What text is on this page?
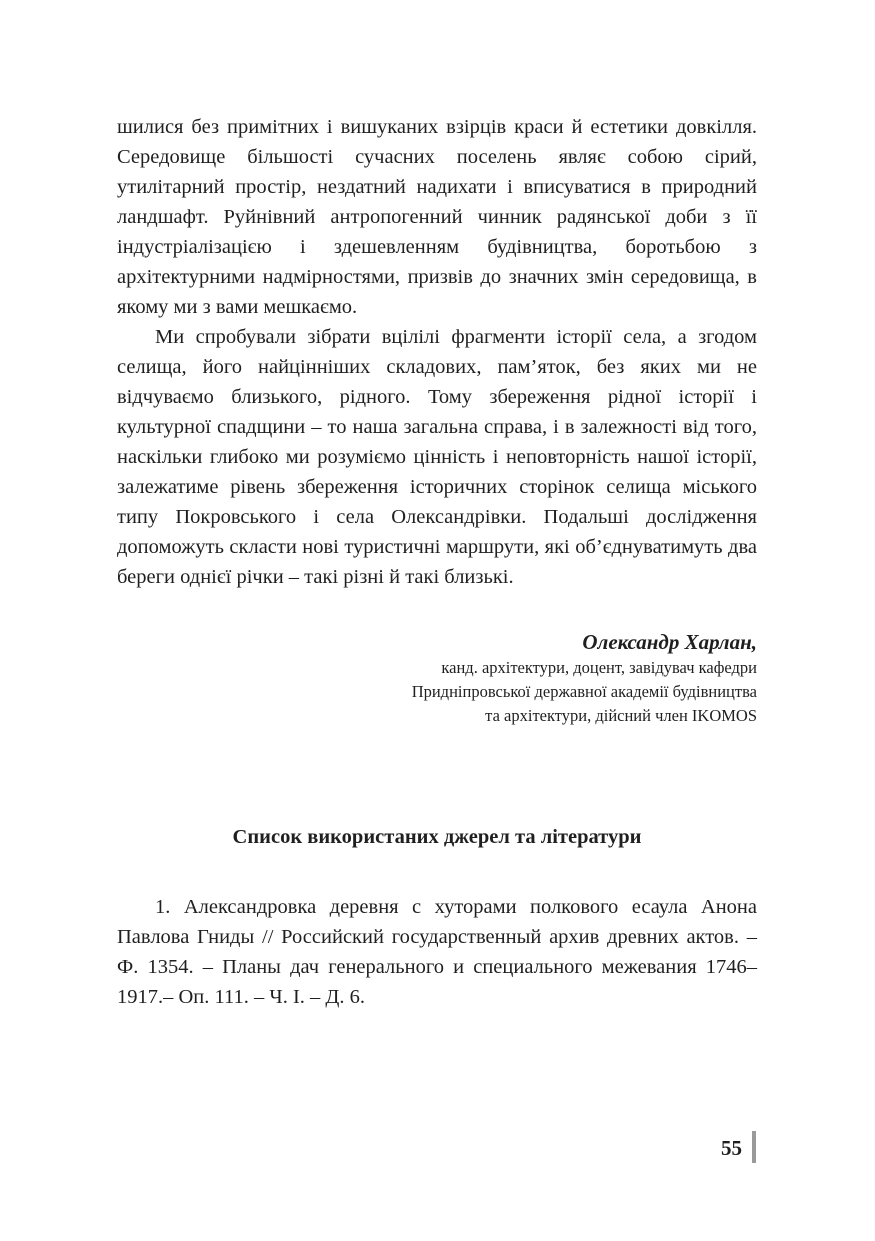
шилися без примітних і вишуканих взірців краси й естетики довкілля. Середовище більшості сучасних поселень являє собою сірий, утилітарний простір, нездатний надихати і вписуватися в природний ландшафт. Руйнівний антропогенний чинник радянської доби з її індустріалізацією і здешевленням будівництва, боротьбою з архітектурними надмірностями, призвів до значних змін середовища, в якому ми з вами мешкаємо.

Ми спробували зібрати вцілілі фрагменти історії села, а згодом селища, його найцінніших складових, пам’яток, без яких ми не відчуваємо близького, рідного. Тому збереження рідної історії і культурної спадщини – то наша загальна справа, і в залежності від того, наскільки глибоко ми розуміємо цінність і неповторність нашої історії, залежатиме рівень збереження історичних сторінок селища міського типу Покровського і села Олександрівки. Подальші дослідження допоможуть скласти нові туристичні маршрути, які об’єднуватимуть два береги однієї річки – такі різні й такі близькі.

Олександр Харлан,
канд. архітектури, доцент, завідувач кафедри
Придніпровської державної академії будівництва
та архітектури, дійсний член ІKOMOS
Список використаних джерел та літератури

1. Александровка деревня с хуторами полкового есаула Анона Павлова Гниды // Российский государственный архив древних актов. – Ф. 1354. – Планы дач генерального и специального межевания 1746–1917.– Оп. 111. – Ч. І. – Д. 6.

55
